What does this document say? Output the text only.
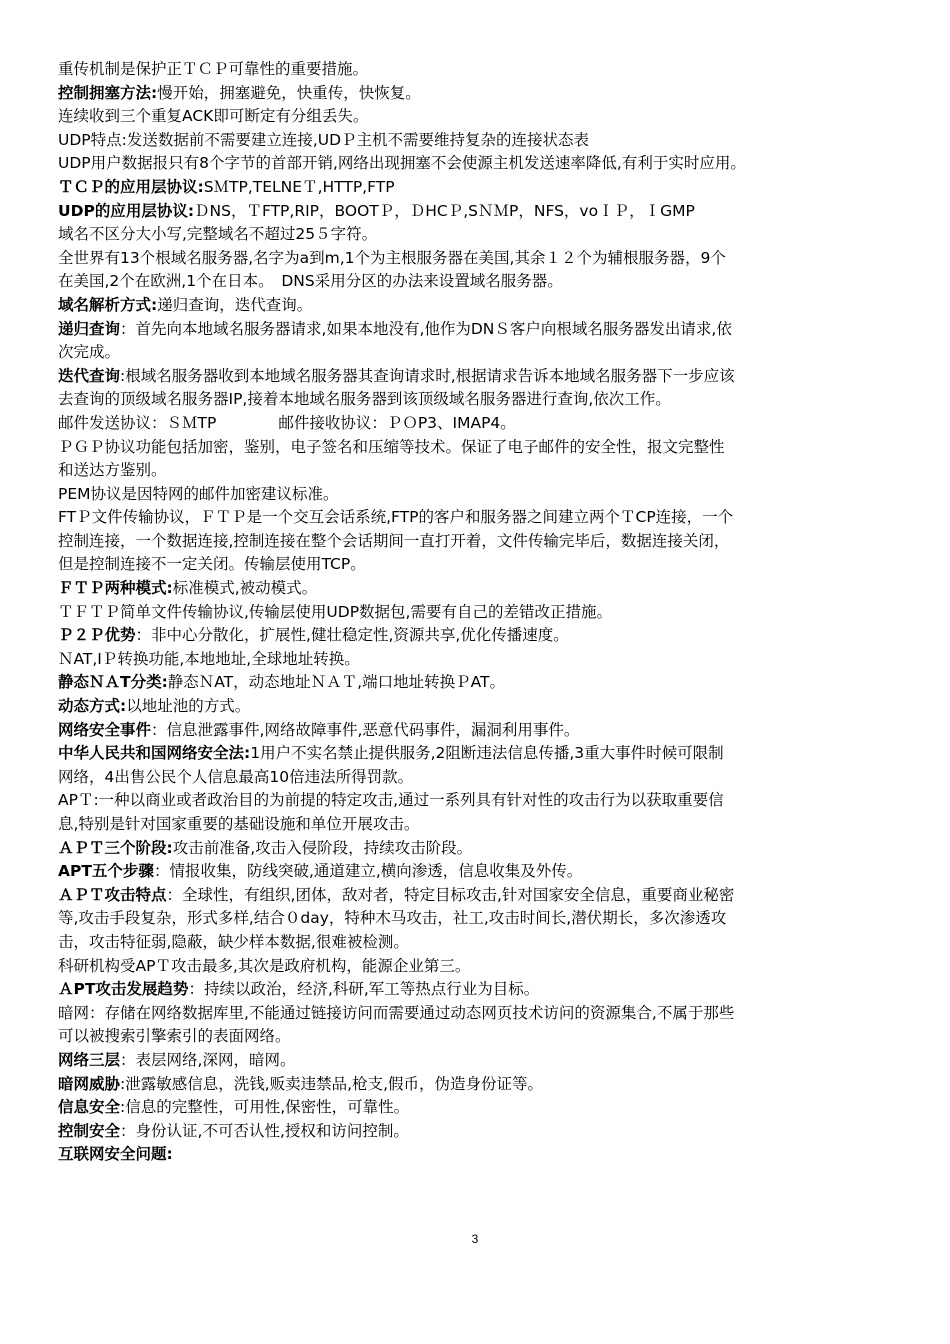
重传机制是保护正ＴＣＰ可靠性的重要措施。
控制拥塞方法:慢开始，拥塞避免，快重传，快恢复。
连续收到三个重复ACK即可断定有分组丢失。
UDP特点:发送数据前不需要建立连接,UDＰ主机不需要维持复杂的连接状态表
UDP用户数据报只有8个字节的首部开销,网络出现拥塞不会使源主机发送速率降低,有利于实时应用。
ＴＣＰ的应用层协议:SＭTP,TELNEＴ,HTTP,FTP
UDP的应用层协议:ＤNS，ＴFTP,RIP，BOOTＰ，ＤHCＰ,SＮＭP，NFS，voＩＰ，ＩGMP
域名不区分大小写,完整域名不超过25５字符。
全世界有13个根域名服务器,名字为a到m,1个为主根服务器在美国,其余１２个为辅根服务器，9个
在美国,2个在欧洲,1个在日本。　DNS采用分区的办法来设置域名服务器。
域名解析方式:递归查询，迭代查询。
递归查询：首先向本地域名服务器请求,如果本地没有,他作为DNＳ客户向根域名服务器发出请求,依
次完成。
迭代查询:根域名服务器收到本地域名服务器其查询请求时,根据请求告诉本地域名服务器下一步应该
去查询的顶级域名服务器IP,接着本地域名服务器到该顶级域名服务器进行查询,依次工作。
邮件发送协议：ＳＭTP　　　　邮件接收协议：ＰＯP3、IMAP4。
ＰＧＰ协议功能包括加密，鉴别，电子签名和压缩等技术。保证了电子邮件的安全性，报文完整性
和送达方鉴别。
PEM协议是因特网的邮件加密建议标准。
FTＰ文件传输协议，ＦＴＰ是一个交互会话系统,FTP的客户和服务器之间建立两个ＴCP连接，一个
控制连接，一个数据连接,控制连接在整个会话期间一直打开着，文件传输完毕后，数据连接关闭，
但是控制连接不一定关闭。传输层使用TCP。
ＦＴＰ两种模式:标准模式,被动模式。
ＴＦＴＰ简单文件传输协议,传输层使用UDP数据包,需要有自己的差错改正措施。
Ｐ２Ｐ优势：非中心分散化，扩展性,健壮稳定性,资源共享,优化传播速度。
ＮAT,IＰ转换功能,本地地址,全球地址转换。
静态ＮＡT分类:静态ＮAT，动态地址ＮＡＴ,端口地址转换ＰAT。
动态方式:以地址池的方式。
网络安全事件：信息泄露事件,网络故障事件,恶意代码事件，漏洞利用事件。
中华人民共和国网络安全法:1用户不实名禁止提供服务,2阻断违法信息传播,3重大事件时候可限制
网络，4出售公民个人信息最高10倍违法所得罚款。
APＴ:一种以商业或者政治目的为前提的特定攻击,通过一系列具有针对性的攻击行为以获取重要信
息,特别是针对国家重要的基础设施和单位开展攻击。
ＡＰＴ三个阶段:攻击前准备,攻击入侵阶段，持续攻击阶段。
APT五个步骤：情报收集，防线突破,通道建立,横向渗透，信息收集及外传。
ＡＰＴ攻击特点：全球性，有组织,团体，敌对者，特定目标攻击,针对国家安全信息，重要商业秘密
等,攻击手段复杂，形式多样,结合０day，特种木马攻击，社工,攻击时间长,潜伏期长，多次渗透攻
击，攻击特征弱,隐蔽，缺少样本数据,很难被检测。
科研机构受APＴ攻击最多,其次是政府机构，能源企业第三。
ＡPT攻击发展趋势：持续以政治，经济,科研,军工等热点行业为目标。
暗网：存储在网络数据库里,不能通过链接访问而需要通过动态网页技术访问的资源集合,不属于那些
可以被搜索引擎索引的表面网络。
网络三层：表层网络,深网，暗网。
暗网威胁:泄露敏感信息，洗钱,贩卖违禁品,枪支,假币，伪造身份证等。
信息安全:信息的完整性，可用性,保密性，可靠性。
控制安全：身份认证,不可否认性,授权和访问控制。
互联网安全问题:
3
